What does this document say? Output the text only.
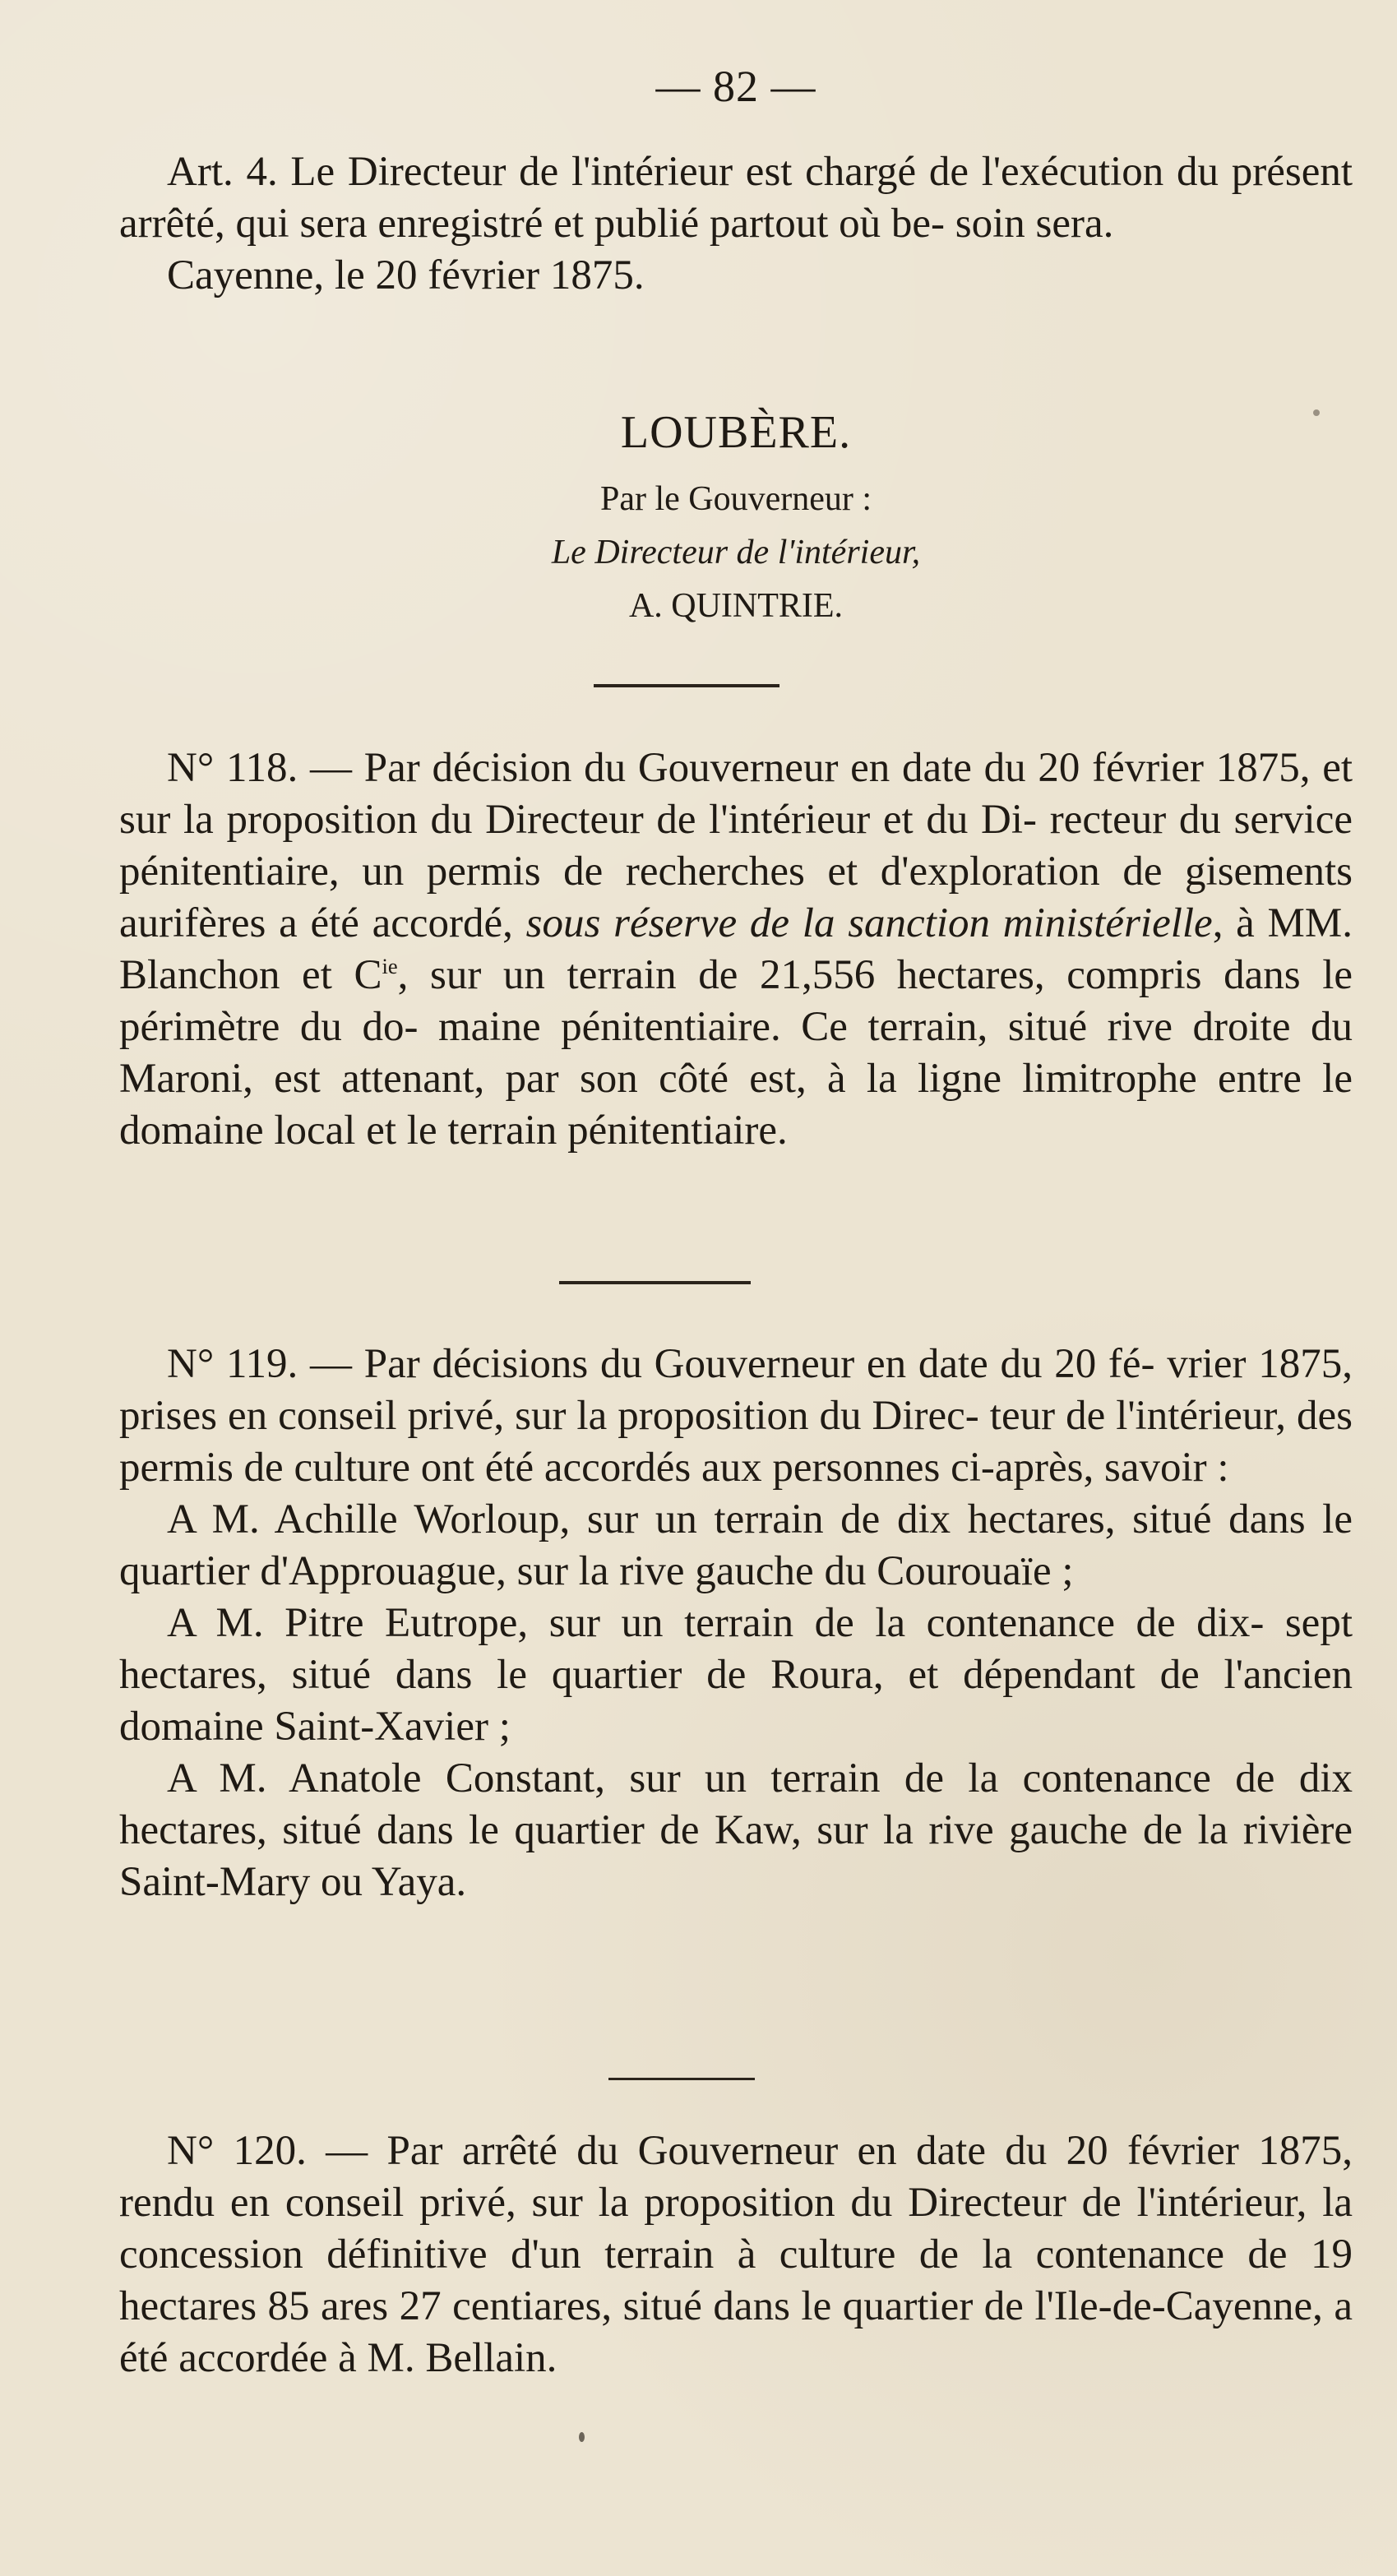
— 82 —

Art. 4. Le Directeur de l'intérieur est chargé de l'exécution du présent arrêté, qui sera enregistré et publié partout où be- soin sera.

Cayenne, le 20 février 1875.

LOUBÈRE.
Par le Gouverneur :
Le Directeur de l'intérieur,
A. QUINTRIE.

N° 118. — Par décision du Gouverneur en date du 20 février 1875, et sur la proposition du Directeur de l'intérieur et du Di- recteur du service pénitentiaire, un permis de recherches et d'exploration de gisements aurifères a été accordé, sous réserve de la sanction ministérielle, à MM. Blanchon et $C^{ie}$, sur un terrain de 21,556 hectares, compris dans le périmètre du do- maine pénitentiaire. Ce terrain, situé rive droite du Maroni, est attenant, par son côté est, à la ligne limitrophe entre le domaine local et le terrain pénitentiaire.

N° 119. — Par décisions du Gouverneur en date du 20 fé- vrier 1875, prises en conseil privé, sur la proposition du Direc- teur de l'intérieur, des permis de culture ont été accordés aux personnes ci-après, savoir :

A M. Achille Worloup, sur un terrain de dix hectares, situé dans le quartier d'Approuague, sur la rive gauche du Courouaïe ;

A M. Pitre Eutrope, sur un terrain de la contenance de dix- sept hectares, situé dans le quartier de Roura, et dépendant de l'ancien domaine Saint-Xavier ;

A M. Anatole Constant, sur un terrain de la contenance de dix hectares, situé dans le quartier de Kaw, sur la rive gauche de la rivière Saint-Mary ou Yaya.

N° 120. — Par arrêté du Gouverneur en date du 20 février 1875, rendu en conseil privé, sur la proposition du Directeur de l'intérieur, la concession définitive d'un terrain à culture de la contenance de 19 hectares 85 ares 27 centiares, situé dans le quartier de l'Ile-de-Cayenne, a été accordée à M. Bellain.
